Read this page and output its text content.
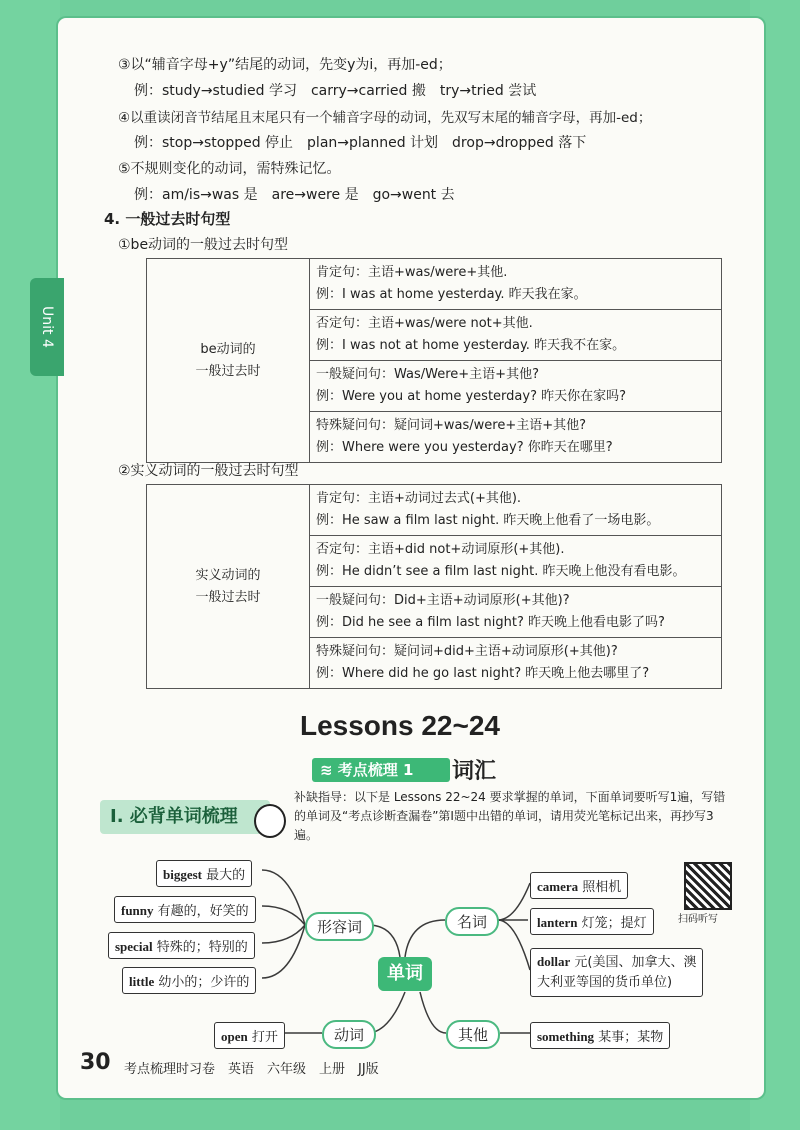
Unit 4
③以“辅音字母+y”结尾的动词，先变y为i，再加-ed；
例：study→studied 学习　carry→carried 搬　try→tried 尝试
④以重读闭音节结尾且末尾只有一个辅音字母的动词，先双写末尾的辅音字母，再加-ed；
例：stop→stopped 停止　plan→planned 计划　drop→dropped 落下
⑤不规则变化的动词，需特殊记忆。
例：am/is→was 是　are→were 是　go→went 去
4. 一般过去时句型
①be动词的一般过去时句型
be动词的
一般过去时

肯定句：主语+was/were+其他.
例：I was at home yesterday. 昨天我在家。

否定句：主语+was/were not+其他.
例：I was not at home yesterday. 昨天我不在家。

一般疑问句：Was/Were+主语+其他?
例：Were you at home yesterday? 昨天你在家吗?

特殊疑问句：疑问词+was/were+主语+其他?
例：Where were you yesterday? 你昨天在哪里?
②实义动词的一般过去时句型
实义动词的
一般过去时

肯定句：主语+动词过去式(+其他).
例：He saw a film last night. 昨天晚上他看了一场电影。

否定句：主语+did not+动词原形(+其他).
例：He didn’t see a film last night. 昨天晚上他没有看电影。

一般疑问句：Did+主语+动词原形(+其他)?
例：Did he see a film last night? 昨天晚上他看电影了吗?

特殊疑问句：疑问词+did+主语+动词原形(+其他)?
例：Where did he go last night? 昨天晚上他去哪里了?
Lessons 22~24
≋ 考点梳理 1	词汇
Ⅰ. 必背单词梳理
补缺指导：以下是 Lessons 22~24 要求掌握的单词，下面单词要听写1遍，写错的单词及“考点诊断查漏卷”第Ⅰ题中出错的单词，请用荧光笔标记出来，再抄写3遍。
biggest 最大的
funny 有趣的，好笑的
special 特殊的；特别的
little 幼小的；少许的
形容词	名词
动词	其他
单词
camera 照相机
lantern 灯笼；提灯
dollar 元(美国、加拿大、澳
大利亚等国的货币单位)
open 打开	something 某事；某物
扫码听写
30 考点梳理时习卷　英语　六年级　上册　JJ版
